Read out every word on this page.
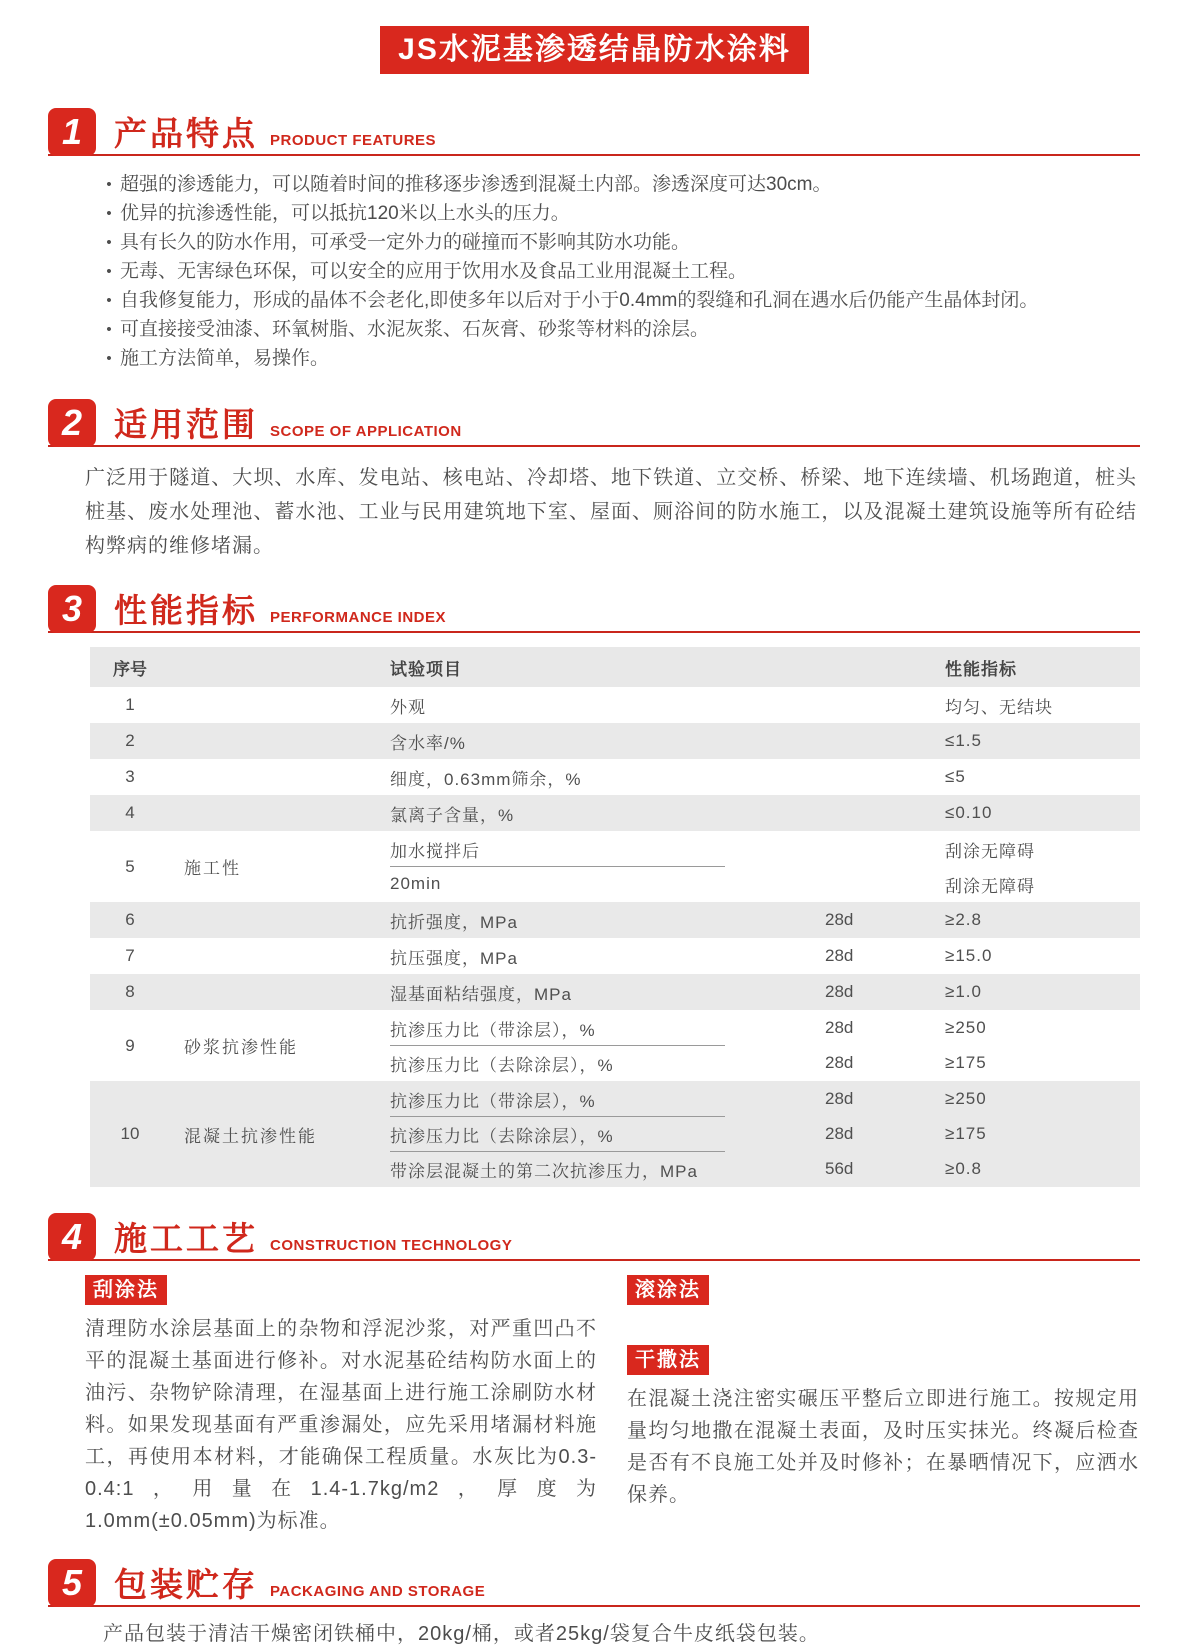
JS水泥基渗透结晶防水涂料
1 产品特点 PRODUCT FEATURES
• 超强的渗透能力，可以随着时间的推移逐步渗透到混凝土内部。渗透深度可达30cm。
• 优异的抗渗透性能，可以抵抗120米以上水头的压力。
• 具有长久的防水作用，可承受一定外力的碰撞而不影响其防水功能。
• 无毒、无害绿色环保，可以安全的应用于饮用水及食品工业用混凝土工程。
• 自我修复能力，形成的晶体不会老化,即使多年以后对于小于0.4mm的裂缝和孔洞在遇水后仍能产生晶体封闭。
• 可直接接受油漆、环氧树脂、水泥灰浆、石灰膏、砂浆等材料的涂层。
• 施工方法简单，易操作。
2 适用范围 SCOPE OF APPLICATION
广泛用于隧道、大坝、水库、发电站、核电站、冷却塔、地下铁道、立交桥、桥梁、地下连续墙、机场跑道，桩头桩基、废水处理池、蓄水池、工业与民用建筑地下室、屋面、厕浴间的防水施工，以及混凝土建筑设施等所有砼结构弊病的维修堵漏。
3 性能指标 PERFORMANCE INDEX
序号	试验项目	性能指标
1	外观	均匀、无结块
2	含水率/%	≤1.5
3	细度，0.63mm筛余，%	≤5
4	氯离子含量，%	≤0.10
5	施工性
加水搅拌后	刮涂无障碍
20min	刮涂无障碍
6	抗折强度，MPa	28d	≥2.8
7	抗压强度，MPa	28d	≥15.0
8	湿基面粘结强度，MPa	28d	≥1.0
9	砂浆抗渗性能
抗渗压力比（带涂层），%	28d	≥250
抗渗压力比（去除涂层），%	28d	≥175
10	混凝土抗渗性能
抗渗压力比（带涂层），%	28d	≥250
抗渗压力比（去除涂层），%	28d	≥175
带涂层混凝土的第二次抗渗压力，MPa	56d	≥0.8
4 施工工艺 CONSTRUCTION TECHNOLOGY
刮涂法
清理防水涂层基面上的杂物和浮泥沙浆，对严重凹凸不平的混凝土基面进行修补。对水泥基砼结构防水面上的油污、杂物铲除清理，在湿基面上进行施工涂刷防水材料。如果发现基面有严重渗漏处，应先采用堵漏材料施工，再使用本材料，才能确保工程质量。水灰比为0.3-0.4:1，用量在1.4-1.7kg/m2，厚度为1.0mm(±0.05mm)为标准。
滚涂法
干撒法
在混凝土浇注密实碾压平整后立即进行施工。按规定用量均匀地撒在混凝土表面，及时压实抹光。终凝后检查是否有不良施工处并及时修补；在暴晒情况下，应洒水保养。
5 包装贮存 PACKAGING AND STORAGE
产品包装于清洁干燥密闭铁桶中，20kg/桶，或者25kg/袋复合牛皮纸袋包装。
